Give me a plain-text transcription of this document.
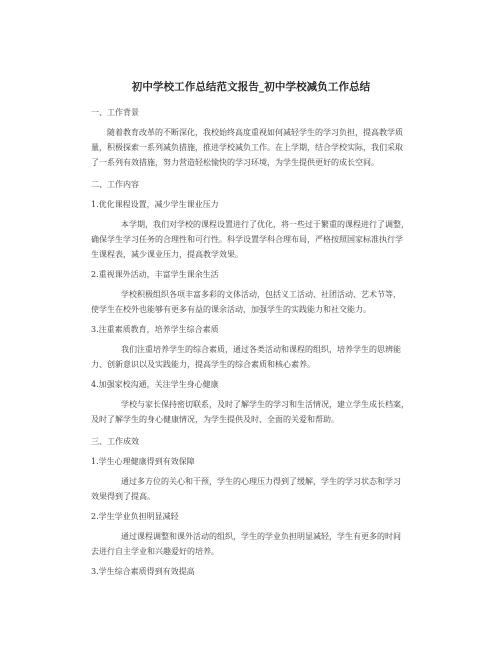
初中学校工作总结范文报告_初中学校减负工作总结
一、工作背景
随着教育改革的不断深化，我校始终高度重视如何减轻学生的学习负担，提高教学质
量，积极探索一系列减负措施，推进学校减负工作。在上学期，结合学校实际，我们采取
了一系列有效措施，努力营造轻松愉快的学习环境，为学生提供更好的成长空间。
二、工作内容
1.优化课程设置，减少学生课业压力
本学期，我们对学校的课程设置进行了优化，将一些过于繁重的课程进行了调整，
确保学生学习任务的合理性和可行性。科学设置学科合理布局，严格按照国家标准执行学
生课程表，减少课业压力，提高教学效果。
2.重视课外活动，丰富学生课余生活
学校积极组织各项丰富多彩的文体活动，包括义工活动、社团活动、艺术节等，
使学生在校外也能够有更多有益的课余活动，加强学生的实践能力和社交能力。
3.注重素质教育，培养学生综合素质
我们注重培养学生的综合素质，通过各类活动和课程的组织，培养学生的思辨能
力、创新意识以及实践能力，提高学生的综合素质和核心素养。
4.加强家校沟通，关注学生身心健康
学校与家长保持密切联系，及时了解学生的学习和生活情况，建立学生成长档案，
及时了解学生的身心健康情况，为学生提供及时、全面的关爱和帮助。
三、工作成效
1.学生心理健康得到有效保障
通过多方位的关心和干预，学生的心理压力得到了缓解，学生的学习状态和学习
效果得到了提高。
2.学生学业负担明显减轻
通过课程调整和课外活动的组织，学生的学业负担明显减轻，学生有更多的时间
去进行自主学业和兴趣爱好的培养。
3.学生综合素质得到有效提高
